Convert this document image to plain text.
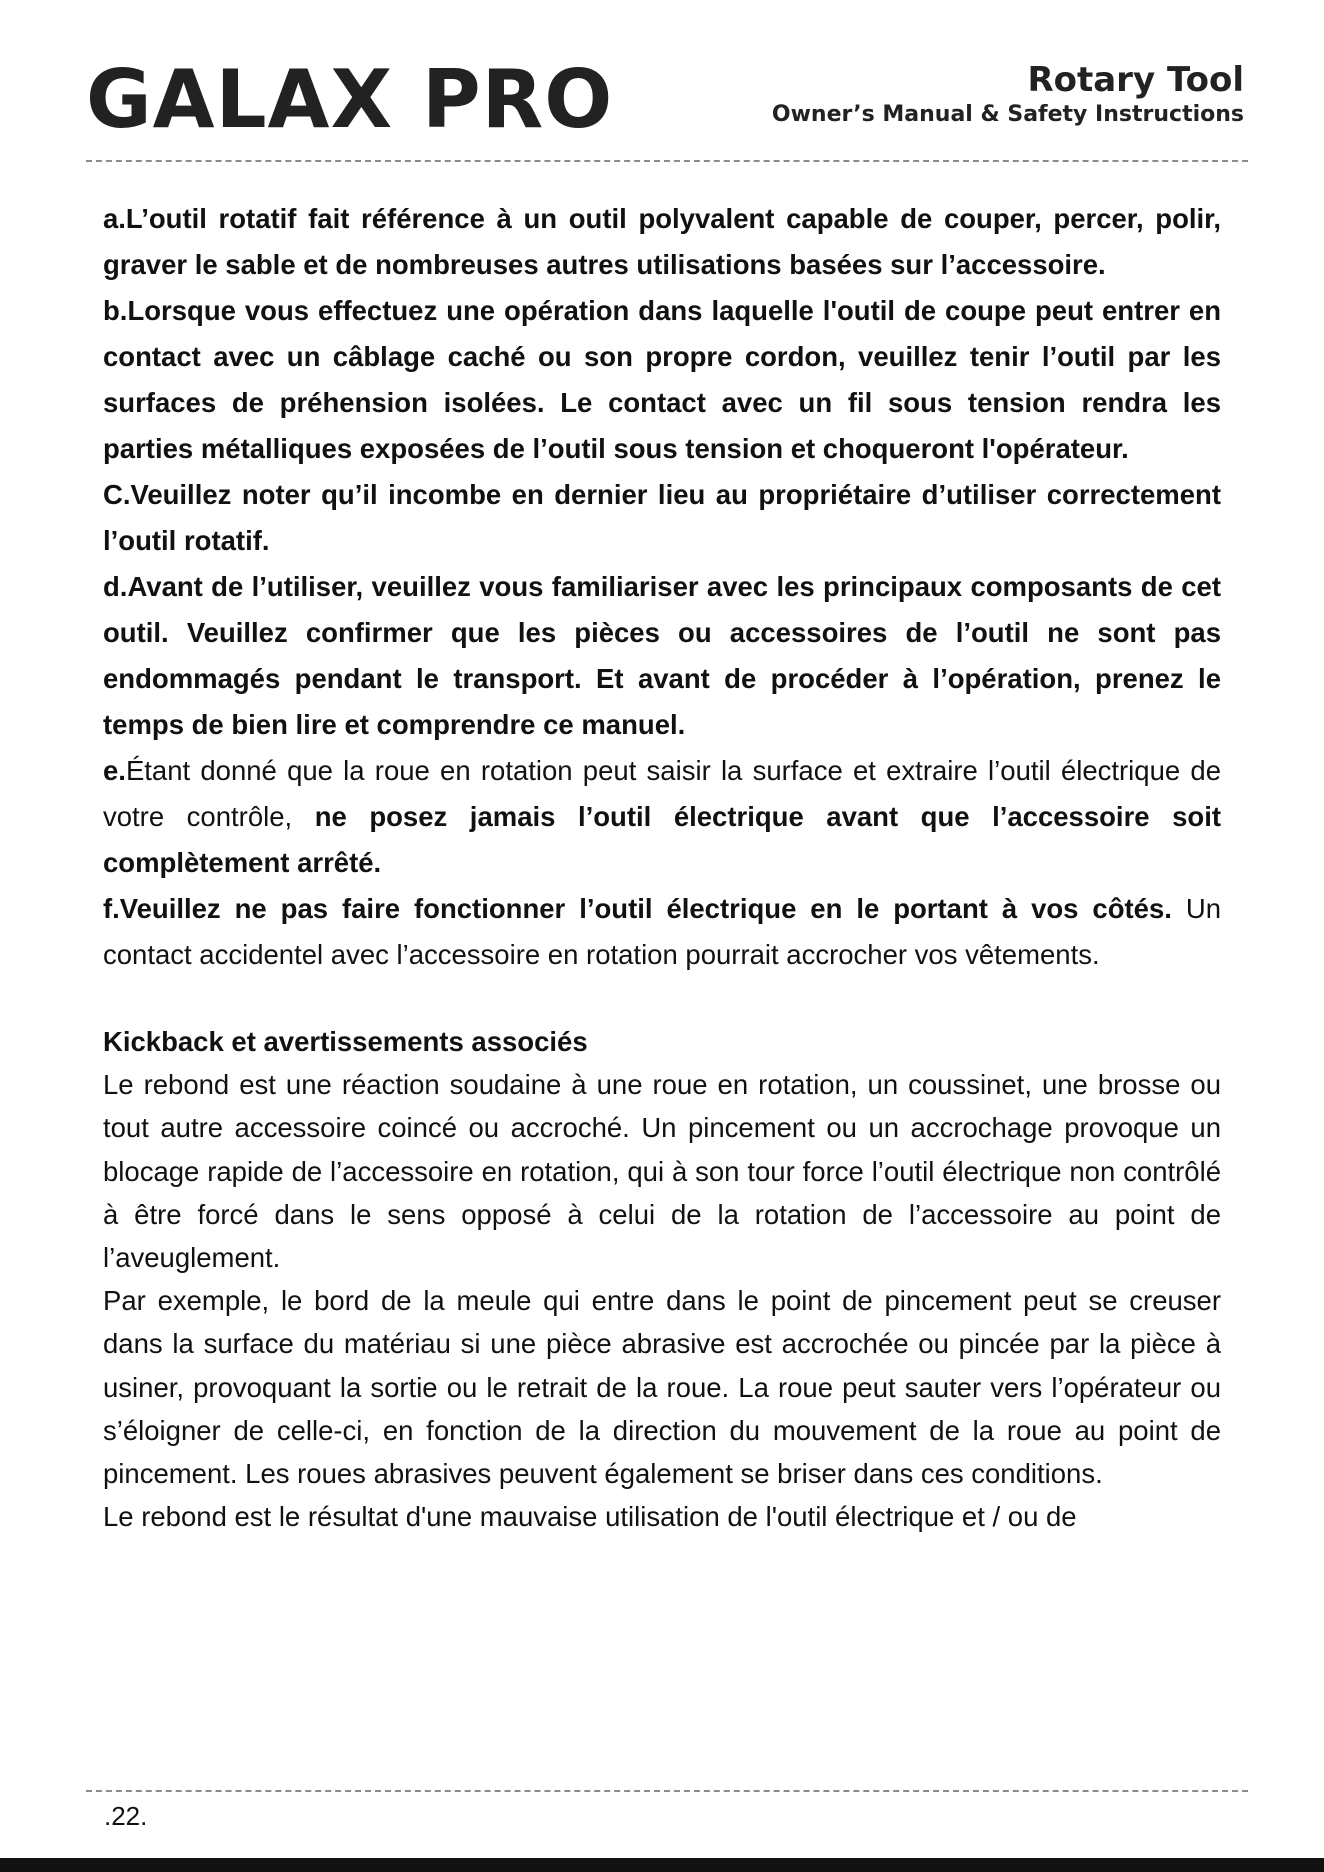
GALAX PRO	Rotary Tool
Owner’s Manual & Safety Instructions

a.L’outil rotatif fait référence à un outil polyvalent capable de couper, percer, polir, graver le sable et de nombreuses autres utilisations basées sur l’accessoire.

b.Lorsque vous effectuez une opération dans laquelle l'outil de coupe peut entrer en contact avec un câblage caché ou son propre cordon, veuillez tenir l’outil par les surfaces de préhension isolées. Le contact avec un fil sous tension rendra les parties métalliques exposées de l’outil sous tension et choqueront l'opérateur.

C.Veuillez noter qu’il incombe en dernier lieu au propriétaire d’utiliser correctement l’outil rotatif.

d.Avant de l’utiliser, veuillez vous familiariser avec les principaux composants de cet outil. Veuillez confirmer que les pièces ou accessoires de l’outil ne sont pas endommagés pendant le transport. Et avant de procéder à l’opération, prenez le temps de bien lire et comprendre ce manuel.

e.Étant donné que la roue en rotation peut saisir la surface et extraire l’outil électrique de votre contrôle, ne posez jamais l’outil électrique avant que l’accessoire soit complètement arrêté.

f.Veuillez ne pas faire fonctionner l’outil électrique en le portant à vos côtés. Un contact accidentel avec l’accessoire en rotation pourrait accrocher vos vêtements.

Kickback et avertissements associés

Le rebond est une réaction soudaine à une roue en rotation, un coussinet, une brosse ou tout autre accessoire coincé ou accroché. Un pincement ou un accrochage provoque un blocage rapide de l’accessoire en rotation, qui à son tour force l’outil électrique non contrôlé à être forcé dans le sens opposé à celui de la rotation de l’accessoire au point de l’aveuglement.

Par exemple, le bord de la meule qui entre dans le point de pincement peut se creuser dans la surface du matériau si une pièce abrasive est accrochée ou pincée par la pièce à usiner, provoquant la sortie ou le retrait de la roue. La roue peut sauter vers l’opérateur ou s’éloigner de celle-ci, en fonction de la direction du mouvement de la roue au point de pincement. Les roues abrasives peuvent également se briser dans ces conditions.

Le rebond est le résultat d'une mauvaise utilisation de l'outil électrique et / ou de

.22.
